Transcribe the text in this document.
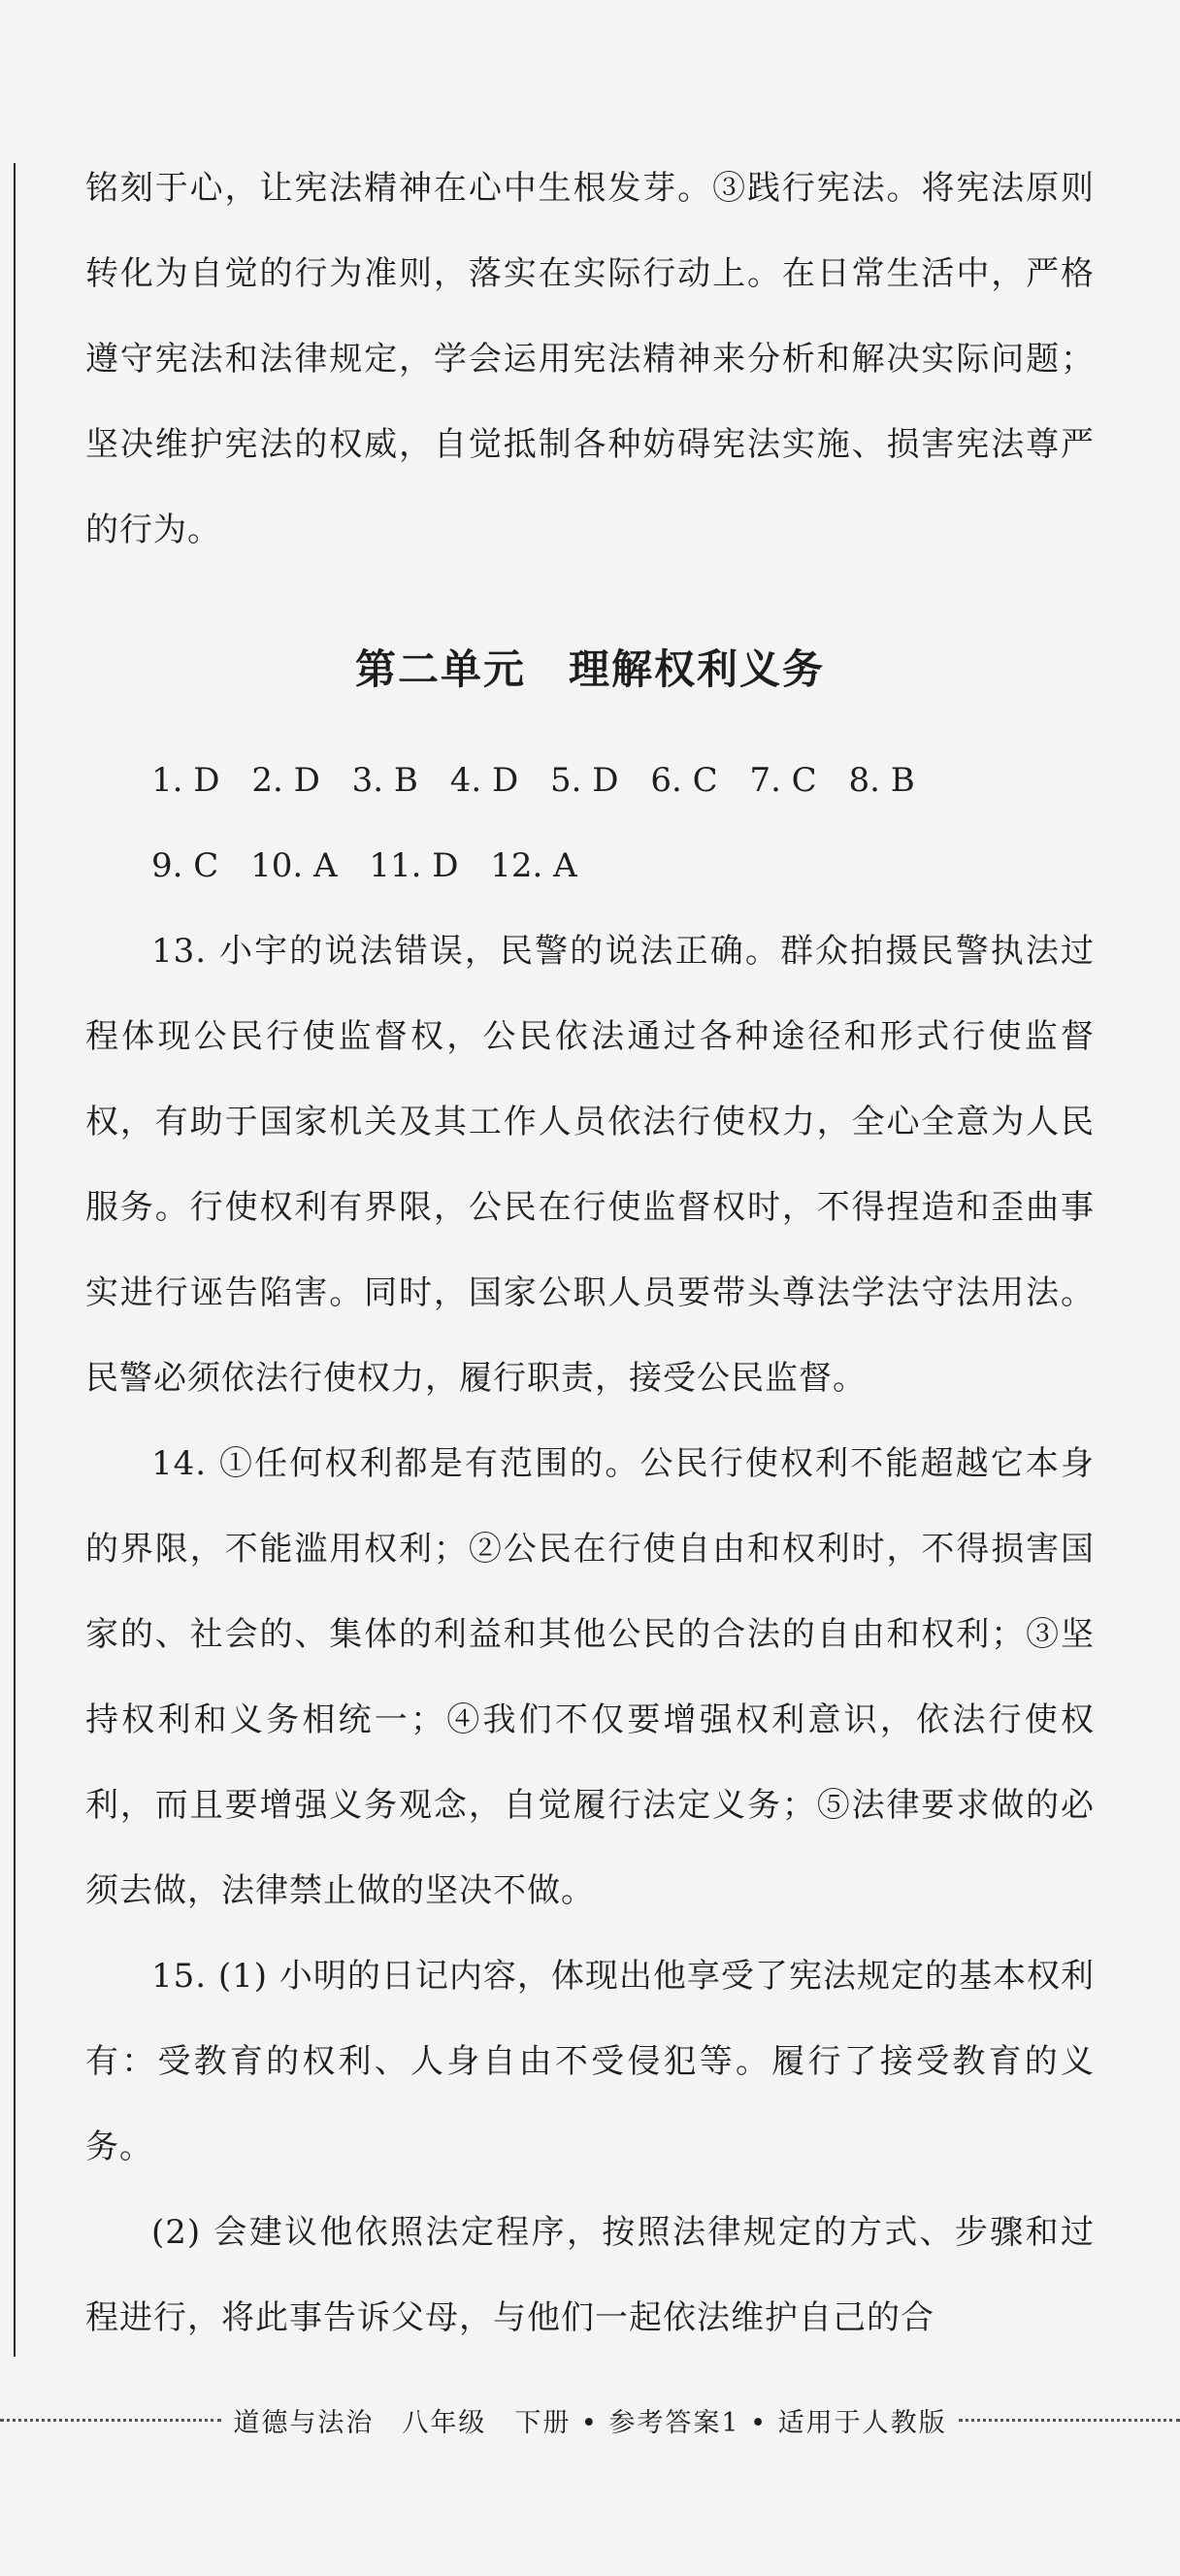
铭刻于心，让宪法精神在心中生根发芽。③践行宪法。将宪法原则转化为自觉的行为准则，落实在实际行动上。在日常生活中，严格遵守宪法和法律规定，学会运用宪法精神来分析和解决实际问题；坚决维护宪法的权威，自觉抵制各种妨碍宪法实施、损害宪法尊严的行为。

第二单元 理解权利义务
1. D 2. D 3. B 4. D 5. D 6. C 7. C 8. B
9. C 10. A 11. D 12. A

13. 小宇的说法错误，民警的说法正确。群众拍摄民警执法过程体现公民行使监督权，公民依法通过各种途径和形式行使监督权，有助于国家机关及其工作人员依法行使权力，全心全意为人民服务。行使权利有界限，公民在行使监督权时，不得捏造和歪曲事实进行诬告陷害。同时，国家公职人员要带头尊法学法守法用法。民警必须依法行使权力，履行职责，接受公民监督。

14. ①任何权利都是有范围的。公民行使权利不能超越它本身的界限，不能滥用权利；②公民在行使自由和权利时，不得损害国家的、社会的、集体的利益和其他公民的合法的自由和权利；③坚持权利和义务相统一；④我们不仅要增强权利意识，依法行使权利，而且要增强义务观念，自觉履行法定义务；⑤法律要求做的必须去做，法律禁止做的坚决不做。

15. (1) 小明的日记内容，体现出他享受了宪法规定的基本权利有：受教育的权利、人身自由不受侵犯等。履行了接受教育的义务。

(2) 会建议他依照法定程序，按照法律规定的方式、步骤和过程进行，将此事告诉父母，与他们一起依法维护自己的合

道德与法治　八年级　下册 • 参考答案1 • 适用于人教版
